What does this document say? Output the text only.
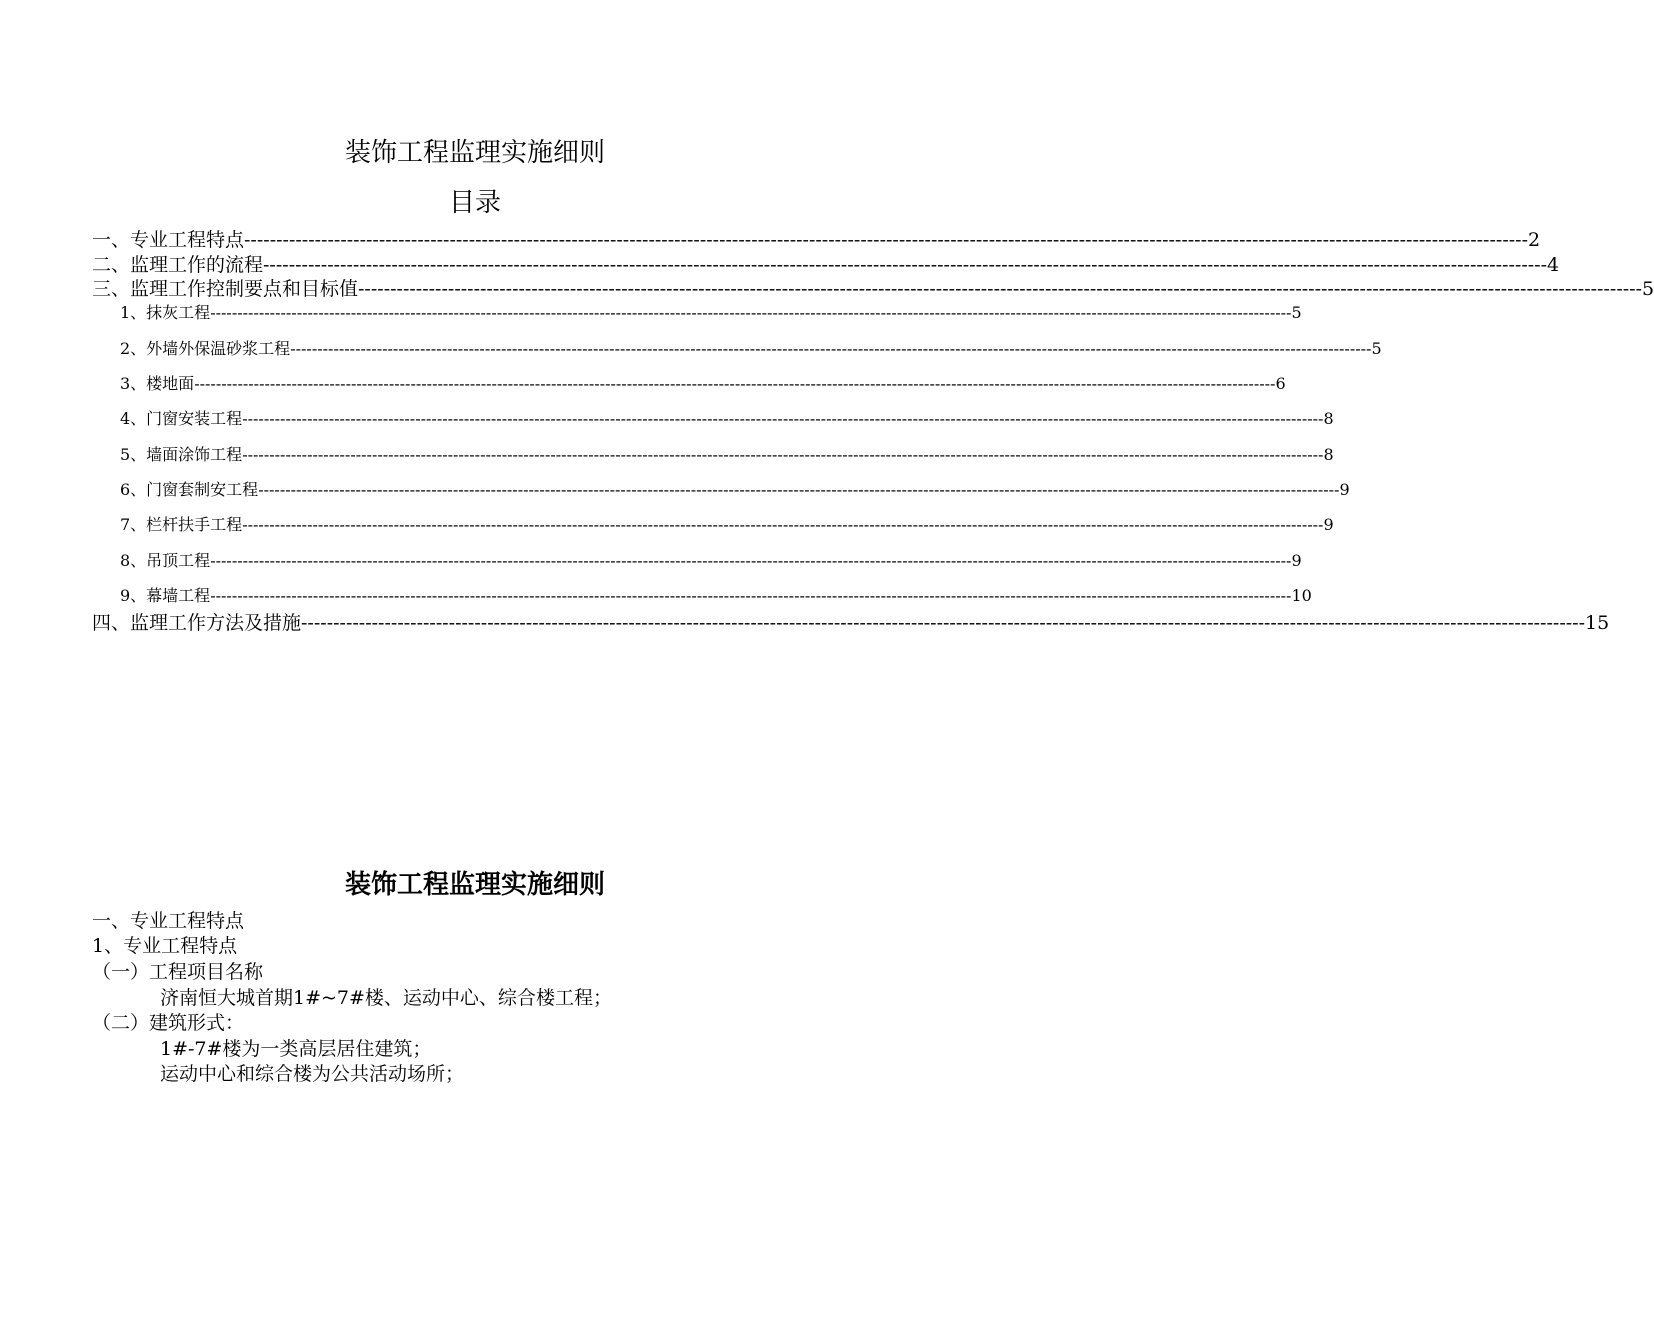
装饰工程监理实施细则
目录
一、专业工程特点 -------------------------------------------------------------------------------------------------------------------------------------------------------------------------------------------------------- 2
二、监理工作的流程 -------------------------------------------------------------------------------------------------------------------------------------------------------------------------------------------------------- 4
三、监理工作控制要点和目标值 -------------------------------------------------------------------------------------------------------------------------------------------------------------------------------------------------------- 5
1、抹灰工程 -------------------------------------------------------------------------------------------------------------------------------------------------------------------------------------------------------- 5
2、外墙外保温砂浆工程 -------------------------------------------------------------------------------------------------------------------------------------------------------------------------------------------------------- 5
3、楼地面 -------------------------------------------------------------------------------------------------------------------------------------------------------------------------------------------------------- 6
4、门窗安装工程 -------------------------------------------------------------------------------------------------------------------------------------------------------------------------------------------------------- 8
5、墙面涂饰工程 -------------------------------------------------------------------------------------------------------------------------------------------------------------------------------------------------------- 8
6、门窗套制安工程 -------------------------------------------------------------------------------------------------------------------------------------------------------------------------------------------------------- 9
7、栏杆扶手工程 -------------------------------------------------------------------------------------------------------------------------------------------------------------------------------------------------------- 9
8、吊顶工程 -------------------------------------------------------------------------------------------------------------------------------------------------------------------------------------------------------- 9
9、幕墙工程 -------------------------------------------------------------------------------------------------------------------------------------------------------------------------------------------------------- 10
四、监理工作方法及措施 -------------------------------------------------------------------------------------------------------------------------------------------------------------------------------------------------------- 15
装饰工程监理实施细则
一、专业工程特点
1、专业工程特点
（一）工程项目名称
济南恒大城首期1#~7#楼、运动中心、综合楼工程；
（二）建筑形式：
1#-7#楼为一类高层居住建筑；
运动中心和综合楼为公共活动场所；
